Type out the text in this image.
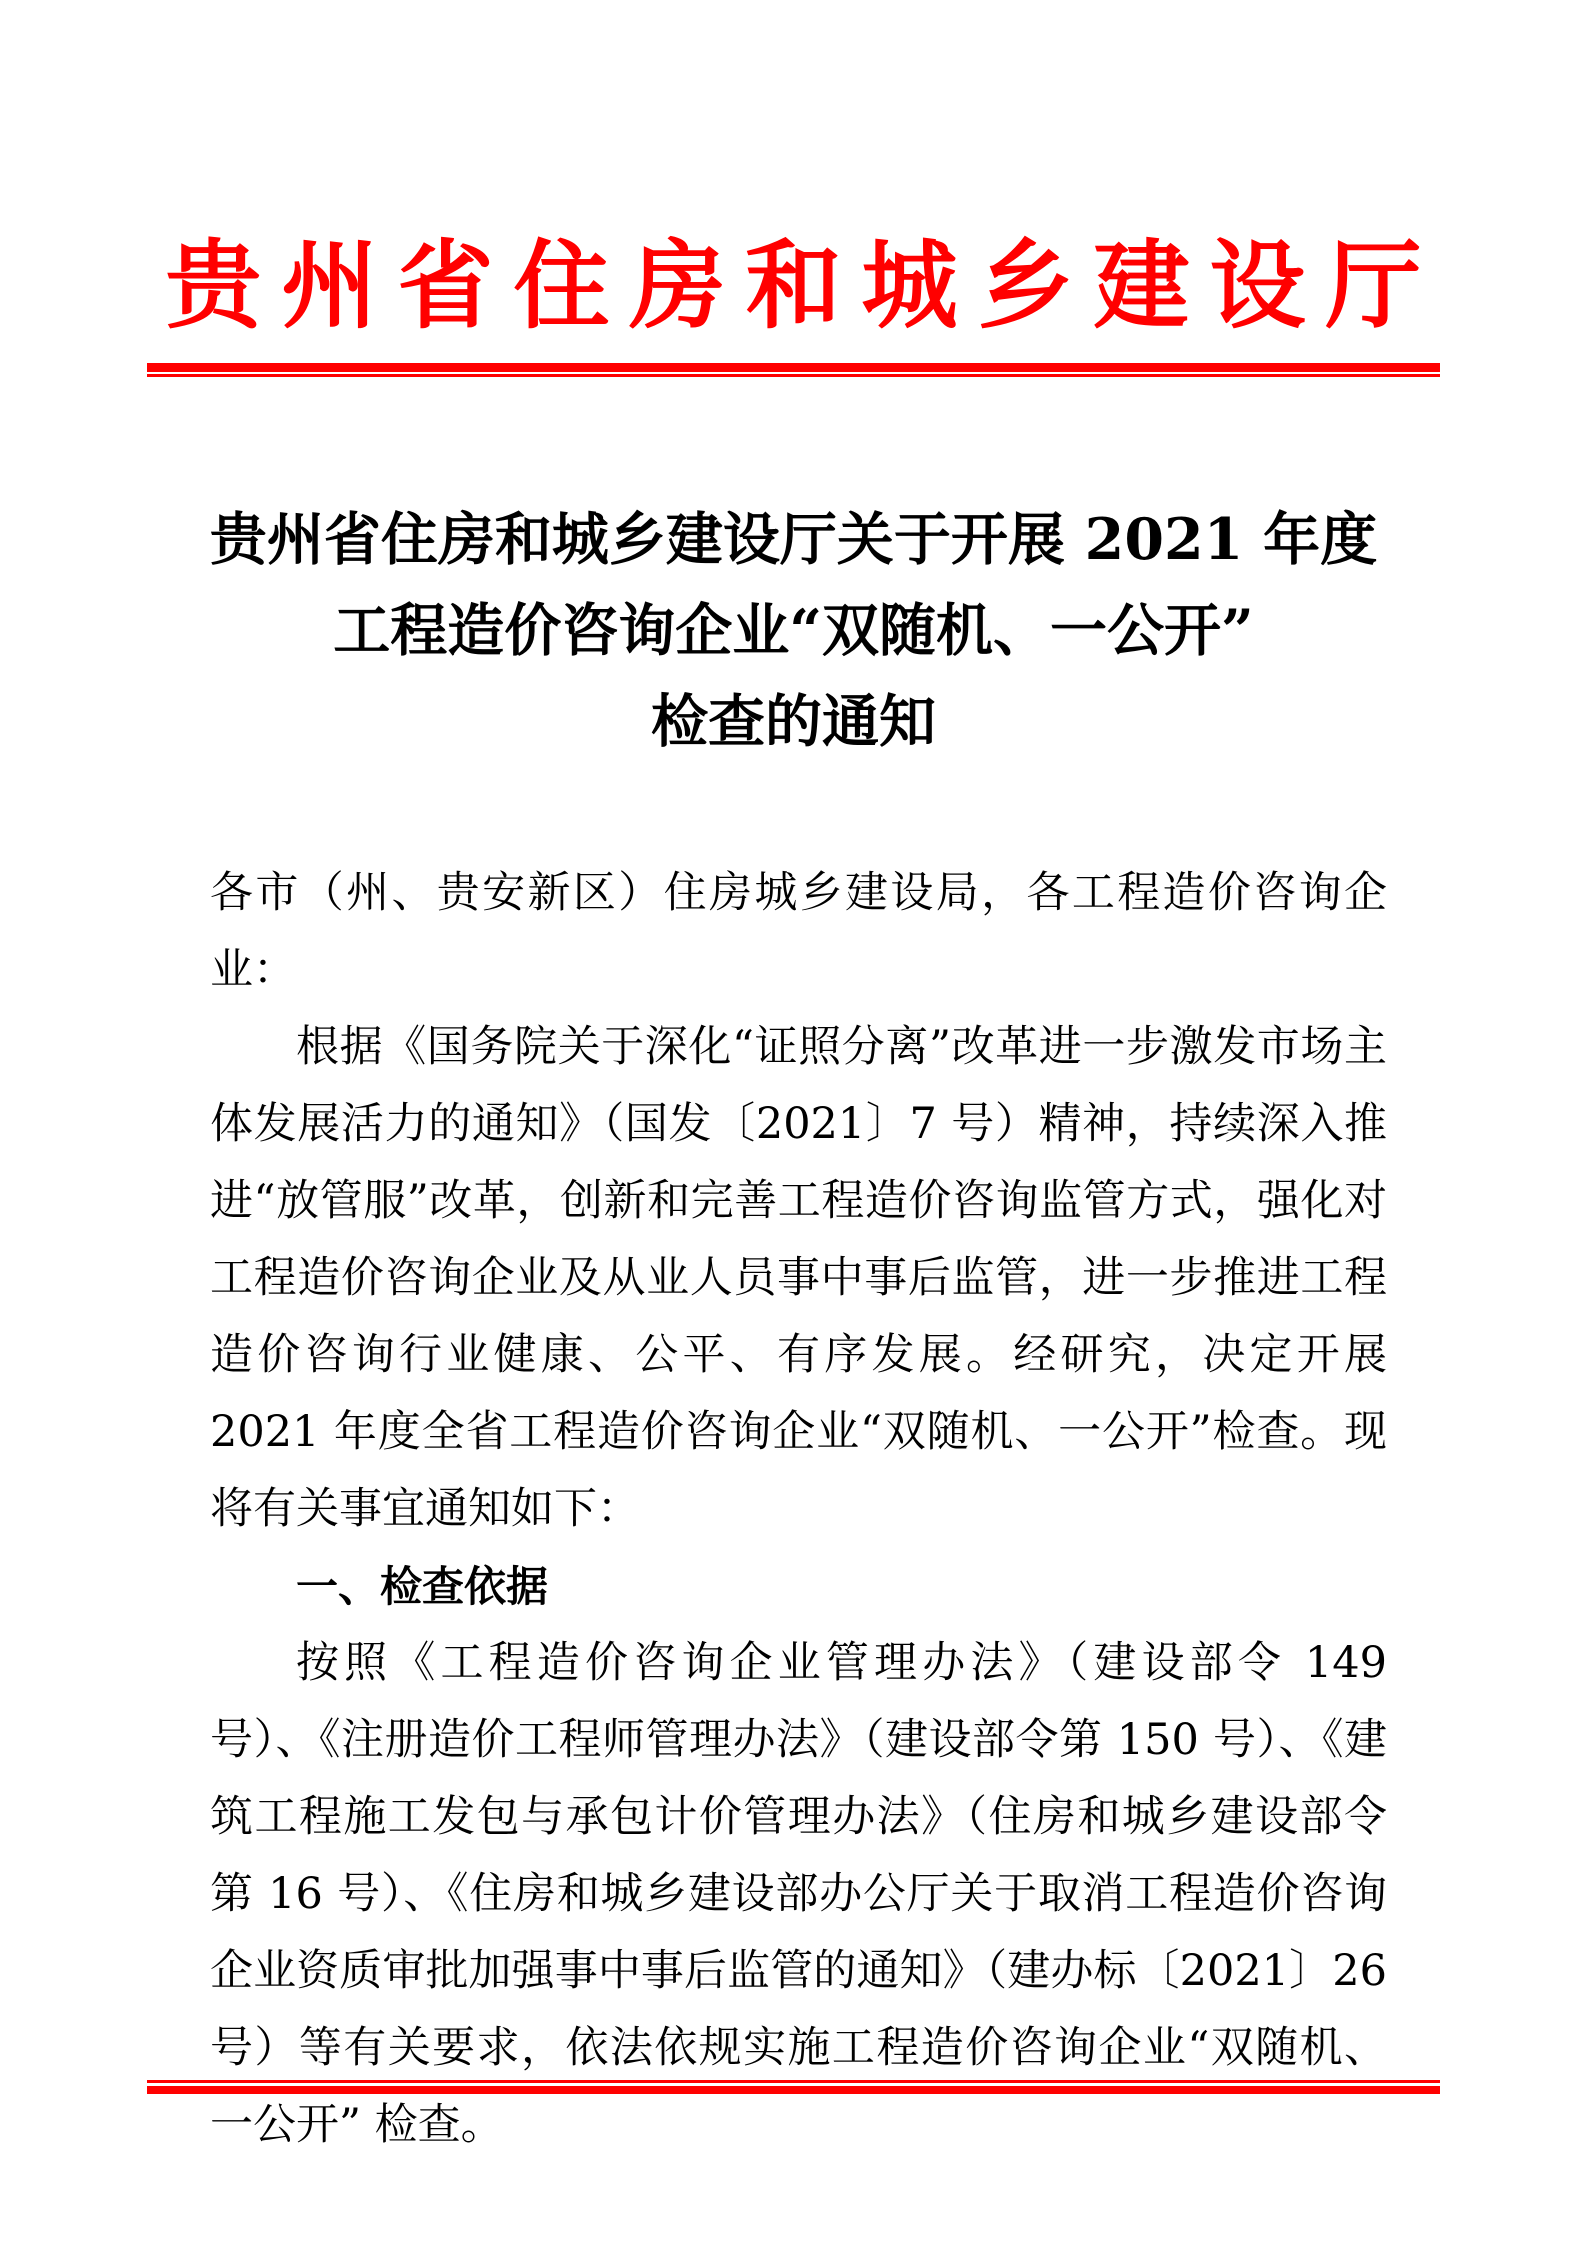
贵州省住房和城乡建设厅
贵州省住房和城乡建设厅关于开展 2021 年度
工程造价咨询企业“双随机、一公开”
检查的通知

各市（州、贵安新区）住房城乡建设局，各工程造价咨询企业：

根据《国务院关于深化“证照分离”改革进一步激发市场主体发展活力的通知》（国发〔2021〕7 号）精神，持续深入推进“放管服”改革，创新和完善工程造价咨询监管方式，强化对工程造价咨询企业及从业人员事中事后监管，进一步推进工程造价咨询行业健康、公平、有序发展。经研究，决定开展 2021 年度全省工程造价咨询企业“双随机、一公开”检查。现将有关事宜通知如下：

一、检查依据

按照《工程造价咨询企业管理办法》（建设部令 149 号）、《注册造价工程师管理办法》（建设部令第 150 号）、《建筑工程施工发包与承包计价管理办法》（住房和城乡建设部令第 16 号）、《住房和城乡建设部办公厅关于取消工程造价咨询企业资质审批加强事中事后监管的通知》（建办标〔2021〕26 号）等有关要求，依法依规实施工程造价咨询企业“双随机、一公开” 检查。
